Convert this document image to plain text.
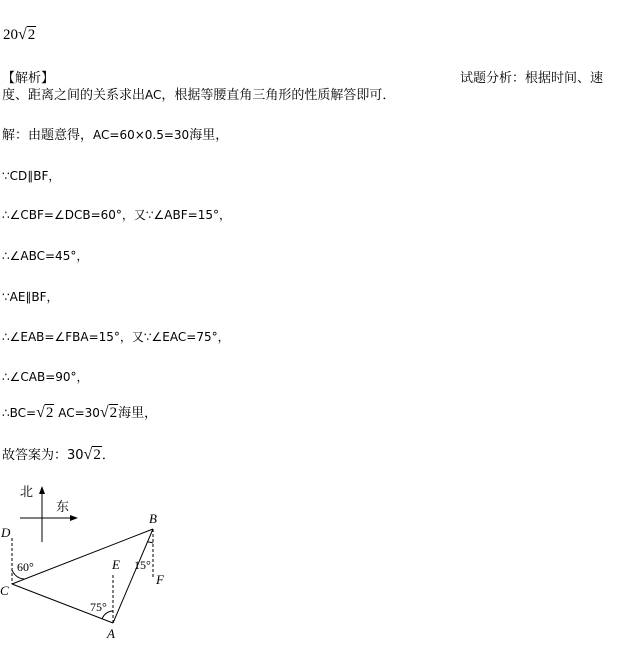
20√2
【解析】	试题分析：根据时间、速
度、距离之间的关系求出AC，根据等腰直角三角形的性质解答即可．
解：由题意得，AC=60×0.5=30海里，
∵CD∥BF，
∴∠CBF=∠DCB=60°，又∵∠ABF=15°，
∴∠ABC=45°，
∵AE∥BF，
∴∠EAB=∠FBA=15°，又∵∠EAC=75°，
∴∠CAB=90°，
∴BC=√2 AC=30√2海里，
故答案为：30√2．
北
东
D
C
B
E
F
A
60°
75°
15°
